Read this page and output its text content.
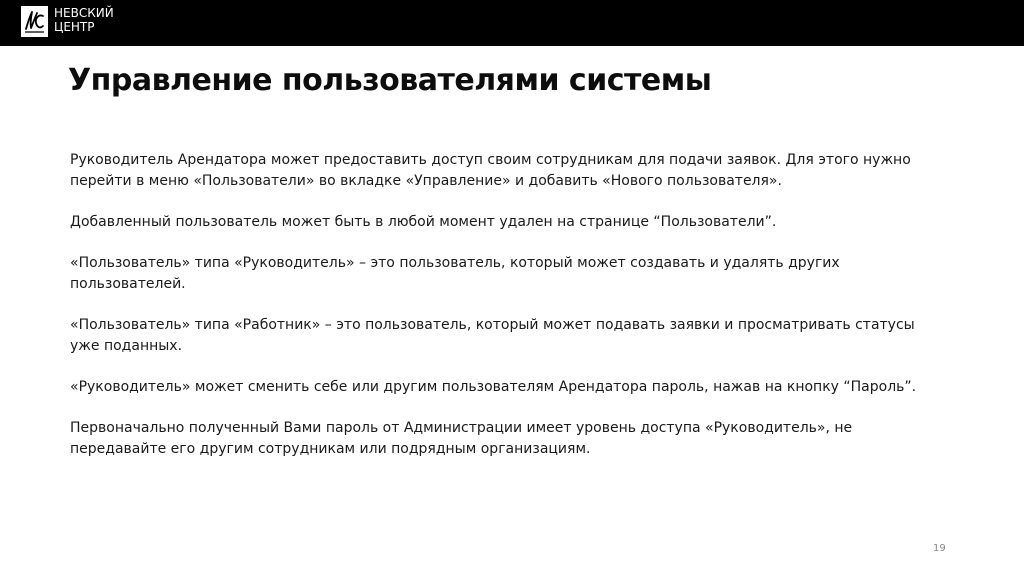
НЕВСКИЙ
ЦЕНТР
Управление пользователями системы

Руководитель Арендатора может предоставить доступ своим сотрудникам для подачи заявок. Для этого нужно
перейти в меню «Пользователи» во вкладке «Управление» и добавить «Нового пользователя».

Добавленный пользователь может быть в любой момент удален на странице “Пользователи”.

«Пользователь» типа «Руководитель» – это пользователь, который может создавать и удалять других
пользователей.

«Пользователь» типа «Работник» – это пользователь, который может подавать заявки и просматривать статусы
уже поданных.

«Руководитель» может сменить себе или другим пользователям Арендатора пароль, нажав на кнопку “Пароль”.

Первоначально полученный Вами пароль от Администрации имеет уровень доступа «Руководитель», не
передавайте его другим сотрудникам или подрядным организациям.

19
